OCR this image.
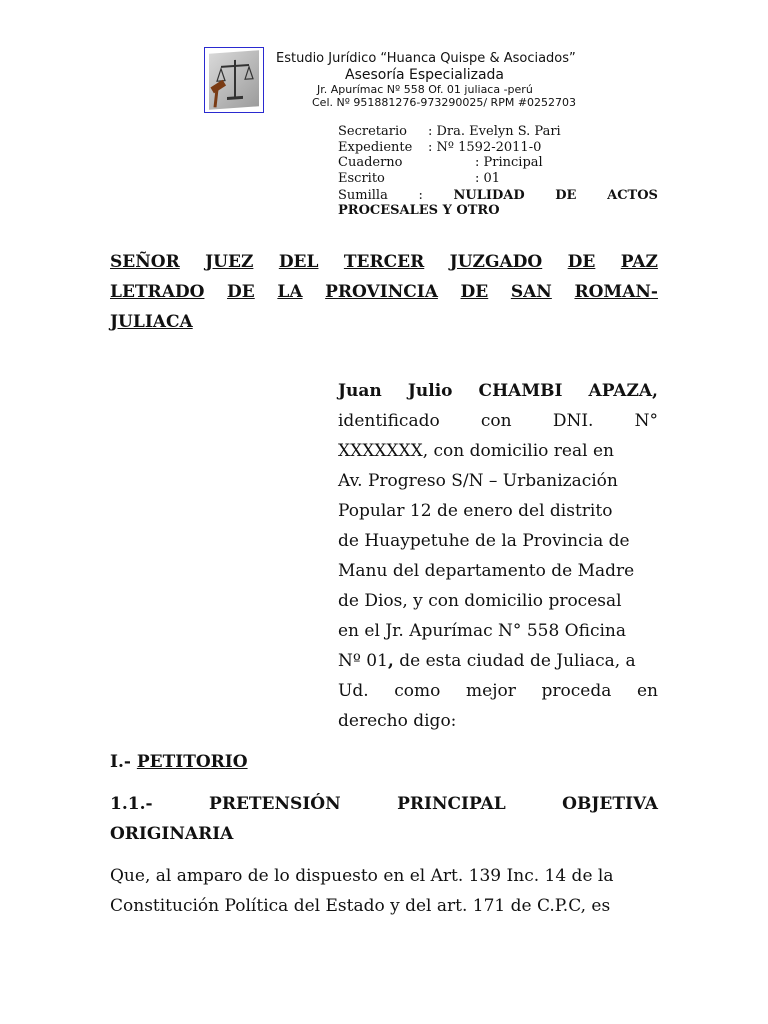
Estudio Jurídico “Huanca Quispe & Asociados”
Asesoría Especializada
Jr. Apurímac Nº 558 Of. 01 juliaca -perú
Cel. Nº 951881276-973290025/ RPM #0252703
Secretario : Dra. Evelyn S. Pari
Expediente : Nº 1592-2011-0
Cuaderno	: Principal
Escrito	: 01
Sumilla : NULIDAD DE ACTOS
PROCESALES Y OTRO
SEÑOR JUEZ DEL TERCER JUZGADO DE PAZ
LETRADO DE LA PROVINCIA DE SAN ROMAN-
JULIACA
Juan Julio CHAMBI APAZA,
identificado con DNI. N°
XXXXXXX, con domicilio real en
Av. Progreso S/N – Urbanización
Popular 12 de enero del distrito
de Huaypetuhe de la Provincia de
Manu del departamento de Madre
de Dios, y con domicilio procesal
en el Jr. Apurímac N° 558 Oficina
Nº 01, de esta ciudad de Juliaca, a
Ud. como mejor proceda en
derecho digo:
I.- PETITORIO
1.1.-	PRETENSIÓN	PRINCIPAL	OBJETIVA
ORIGINARIA
Que, al amparo de lo dispuesto en el Art. 139 Inc. 14 de la
Constitución Política del Estado y del art. 171 de C.P.C, es
